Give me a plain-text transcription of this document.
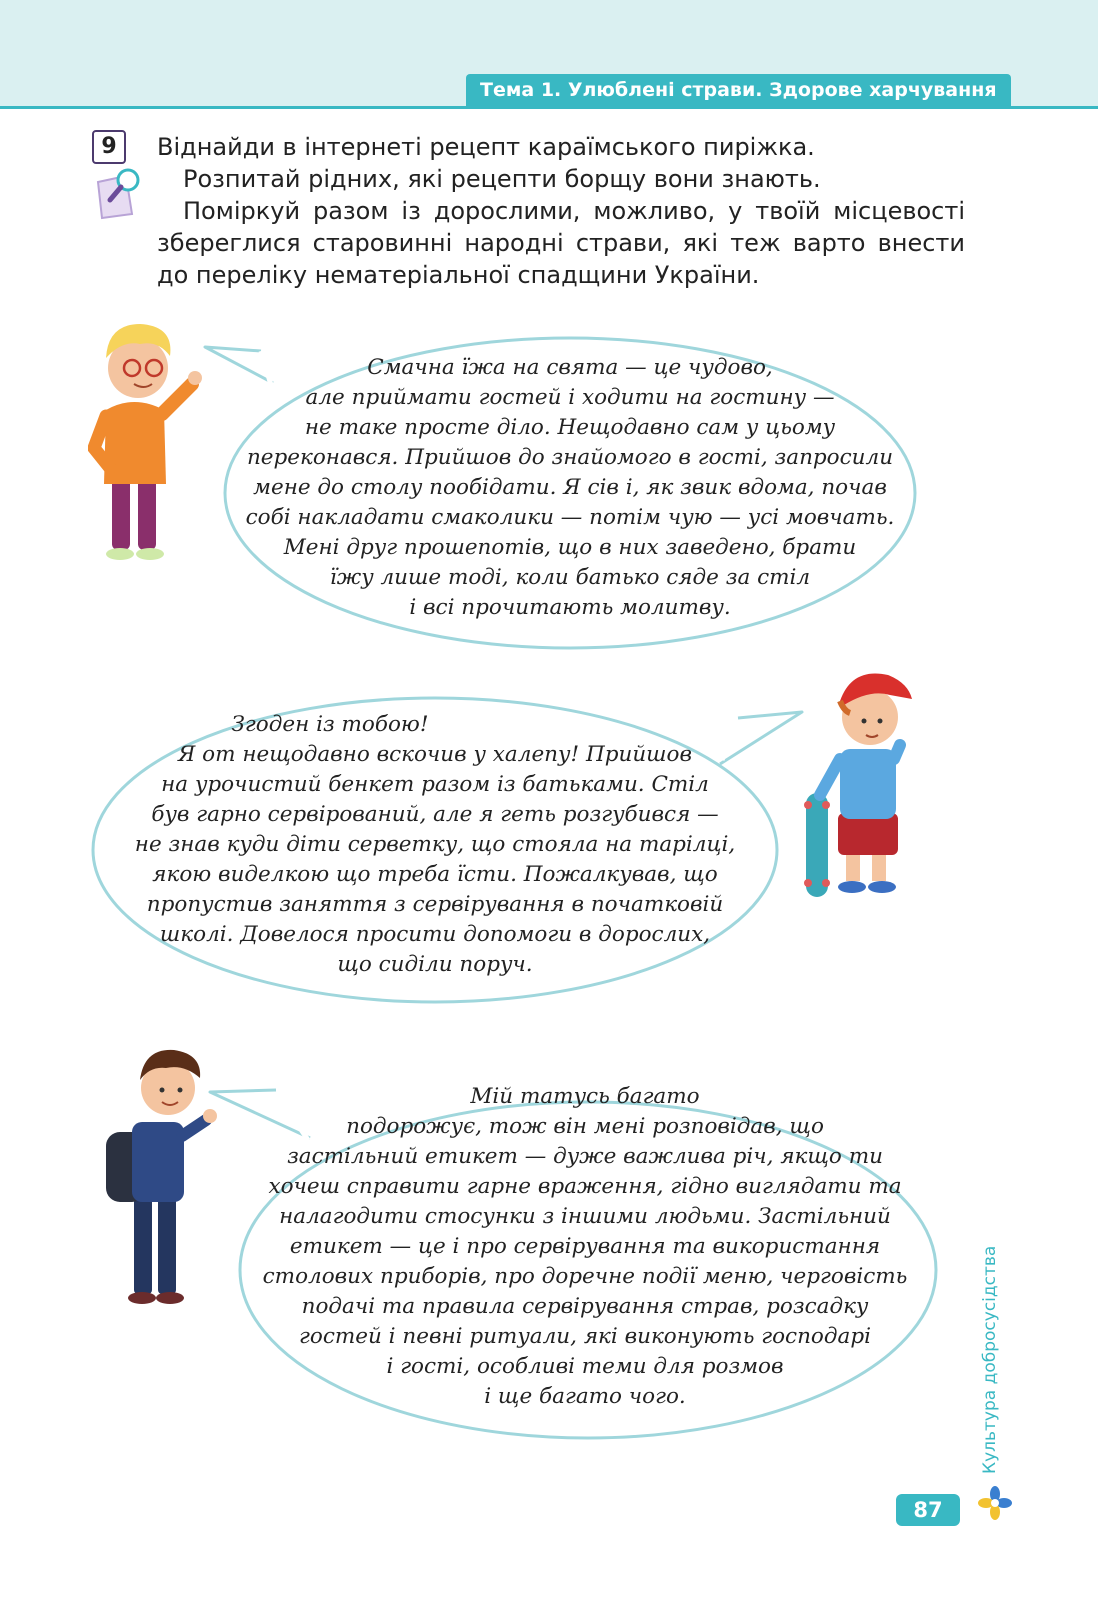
Тема 1. Улюблені страви. Здорове харчування
9	Віднайди в інтернеті рецепт караїмського пиріжка.

Розпитай рідних, які рецепти борщу вони знають.

Поміркуй разом із дорослими, можливо, у твоїй місцевості збереглися старовинні народні страви, які теж варто внести до переліку нематеріальної спадщини України.

Смачна їжа на свята — це чудово,
але приймати гостей і ходити на гостину —
не таке просте діло. Нещодавно сам у цьому
переконався. Прийшов до знайомого в гості, запросили
мене до столу пообідати. Я сів і, як звик вдома, почав
собі накладати смаколики — потім чую — усі мовчать.
Мені друг прошепотів, що в них заведено, брати
їжу лише тоді, коли батько сяде за стіл
і всі прочитають молитву.
Згоден із тобою!
Я от нещодавно вскочив у халепу! Прийшов
на урочистий бенкет разом із батьками. Стіл
був гарно сервірований, але я геть розгубився —
не знав куди діти серветку, що стояла на тарілці,
якою виделкою що треба їсти. Пожалкував, що
пропустив заняття з сервірування в початковій
школі. Довелося просити допомоги в дорослих,
що сиділи поруч.
Мій татусь багато
подорожує, тож він мені розповідав, що
застільний етикет — дуже важлива річ, якщо ти
хочеш справити гарне враження, гідно виглядати та
налагодити стосунки з іншими людьми. Застільний
етикет — це і про сервірування та використання
столових приборів, про доречне події меню, черговість
подачі та правила сервірування страв, розсадку
гостей і певні ритуали, які виконують господарі
і гості, особливі теми для розмов
і ще багато чого.	Культура добросусідства
87
